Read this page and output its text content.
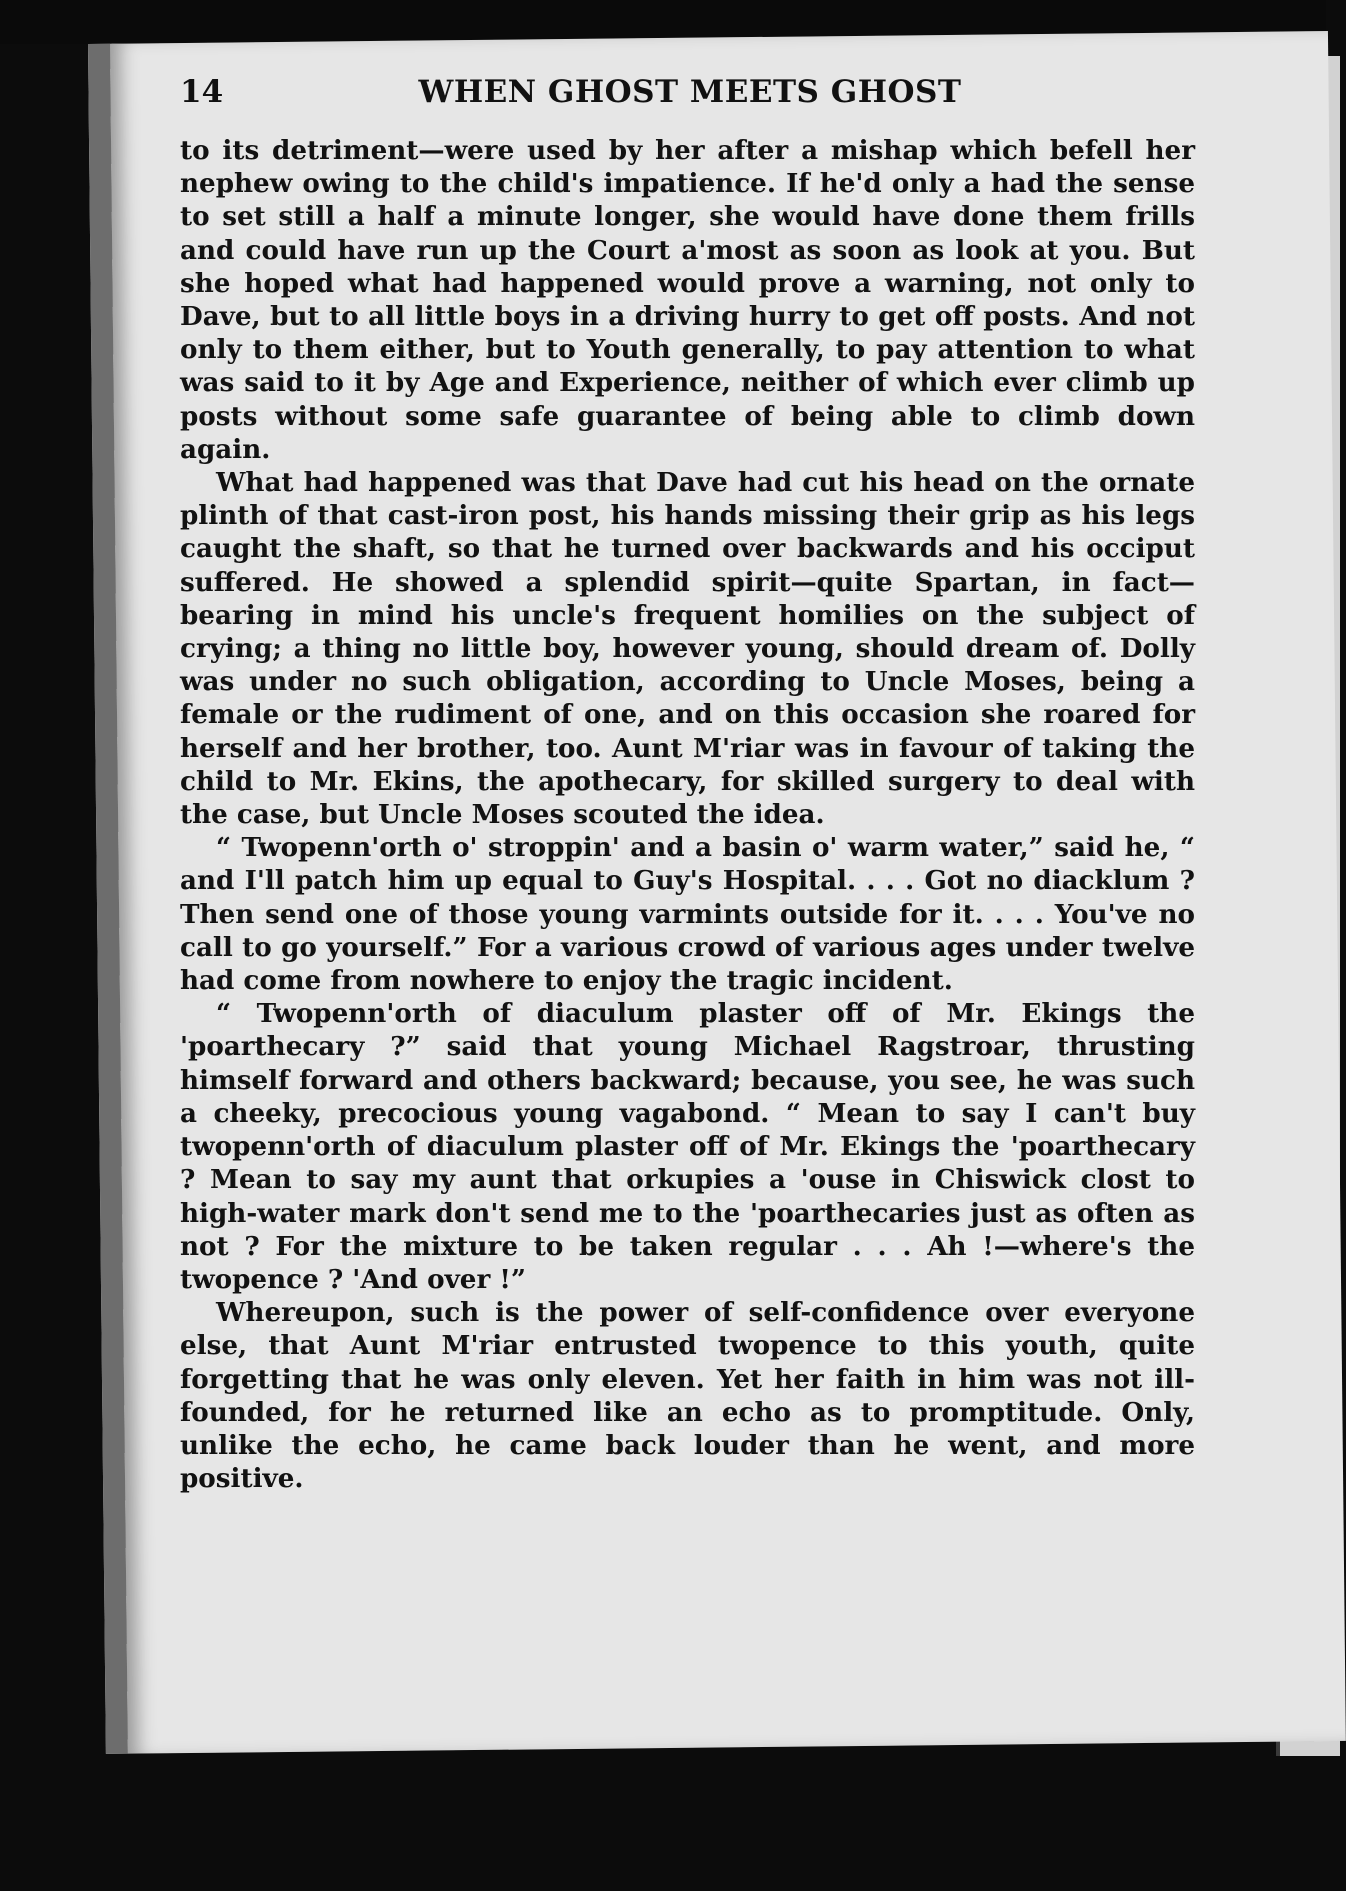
14	WHEN GHOST MEETS GHOST

to its detriment—were used by her after a mishap which befell her nephew owing to the child's impatience. If he'd only a had the sense to set still a half a minute longer, she would have done them frills and could have run up the Court a'most as soon as look at you. But she hoped what had happened would prove a warning, not only to Dave, but to all little boys in a driving hurry to get off posts. And not only to them either, but to Youth generally, to pay attention to what was said to it by Age and Experience, neither of which ever climb up posts without some safe guarantee of being able to climb down again.

What had happened was that Dave had cut his head on the ornate plinth of that cast-iron post, his hands missing their grip as his legs caught the shaft, so that he turned over backwards and his occiput suffered. He showed a splendid spirit—quite Spartan, in fact—bearing in mind his uncle's frequent homilies on the subject of crying; a thing no little boy, however young, should dream of. Dolly was under no such obligation, according to Uncle Moses, being a female or the rudiment of one, and on this occasion she roared for herself and her brother, too. Aunt M'riar was in favour of taking the child to Mr. Ekins, the apothecary, for skilled surgery to deal with the case, but Uncle Moses scouted the idea.

“ Twopenn'orth o' stroppin' and a basin o' warm water,” said he, “ and I'll patch him up equal to Guy's Hospital. . . . Got no diacklum ? Then send one of those young varmints outside for it. . . . You've no call to go yourself.” For a various crowd of various ages under twelve had come from nowhere to enjoy the tragic incident.

“ Twopenn'orth of diaculum plaster off of Mr. Ekings the 'poarthecary ?” said that young Michael Ragstroar, thrusting himself forward and others backward; because, you see, he was such a cheeky, precocious young vagabond. “ Mean to say I can't buy twopenn'orth of diaculum plaster off of Mr. Ekings the 'poarthecary ? Mean to say my aunt that orkupies a 'ouse in Chiswick clost to high-water mark don't send me to the 'poarthecaries just as often as not ? For the mixture to be taken regular . . . Ah !—where's the twopence ? 'And over !”

Whereupon, such is the power of self-confidence over everyone else, that Aunt M'riar entrusted twopence to this youth, quite forgetting that he was only eleven. Yet her faith in him was not ill-founded, for he returned like an echo as to promptitude. Only, unlike the echo, he came back louder than he went, and more positive.
